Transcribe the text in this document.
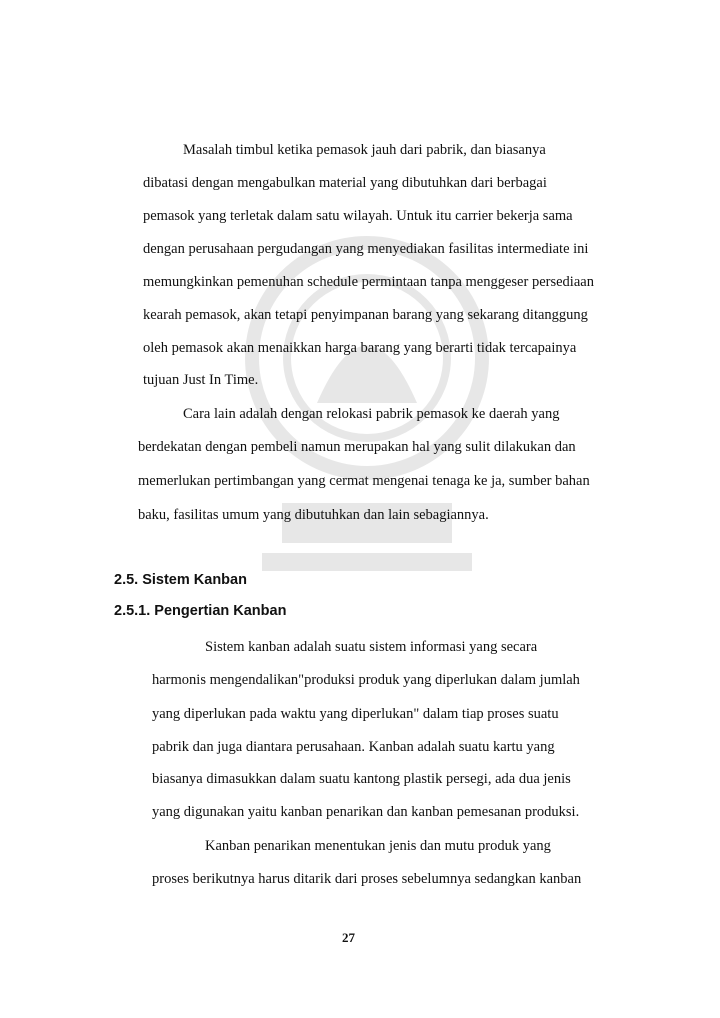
Masalah timbul ketika pemasok jauh dari pabrik, dan biasanya
dibatasi dengan mengabulkan material yang dibutuhkan dari berbagai
pemasok yang terletak dalam satu wilayah. Untuk itu carrier bekerja sama
dengan perusahaan pergudangan yang menyediakan fasilitas intermediate ini
memungkinkan pemenuhan schedule permintaan tanpa menggeser persediaan
kearah pemasok, akan tetapi penyimpanan barang yang sekarang ditanggung
oleh pemasok akan menaikkan harga barang yang berarti tidak tercapainya
tujuan Just In Time.
Cara lain adalah dengan relokasi pabrik pemasok ke daerah yang
berdekatan dengan pembeli namun merupakan hal yang sulit dilakukan dan
memerlukan pertimbangan yang cermat mengenai tenaga ke ja, sumber bahan
baku, fasilitas umum yang dibutuhkan dan lain sebagiannya.
2.5. Sistem Kanban
2.5.1. Pengertian Kanban
Sistem kanban adalah suatu sistem informasi yang secara
harmonis mengendalikan"produksi produk yang diperlukan dalam jumlah
yang diperlukan pada waktu yang diperlukan" dalam tiap proses suatu
pabrik dan juga diantara perusahaan. Kanban adalah suatu kartu yang
biasanya dimasukkan dalam suatu kantong plastik persegi, ada dua jenis
yang digunakan yaitu kanban penarikan dan kanban pemesanan produksi.
Kanban penarikan menentukan jenis dan mutu produk yang
proses berikutnya harus ditarik dari proses sebelumnya sedangkan kanban
27
